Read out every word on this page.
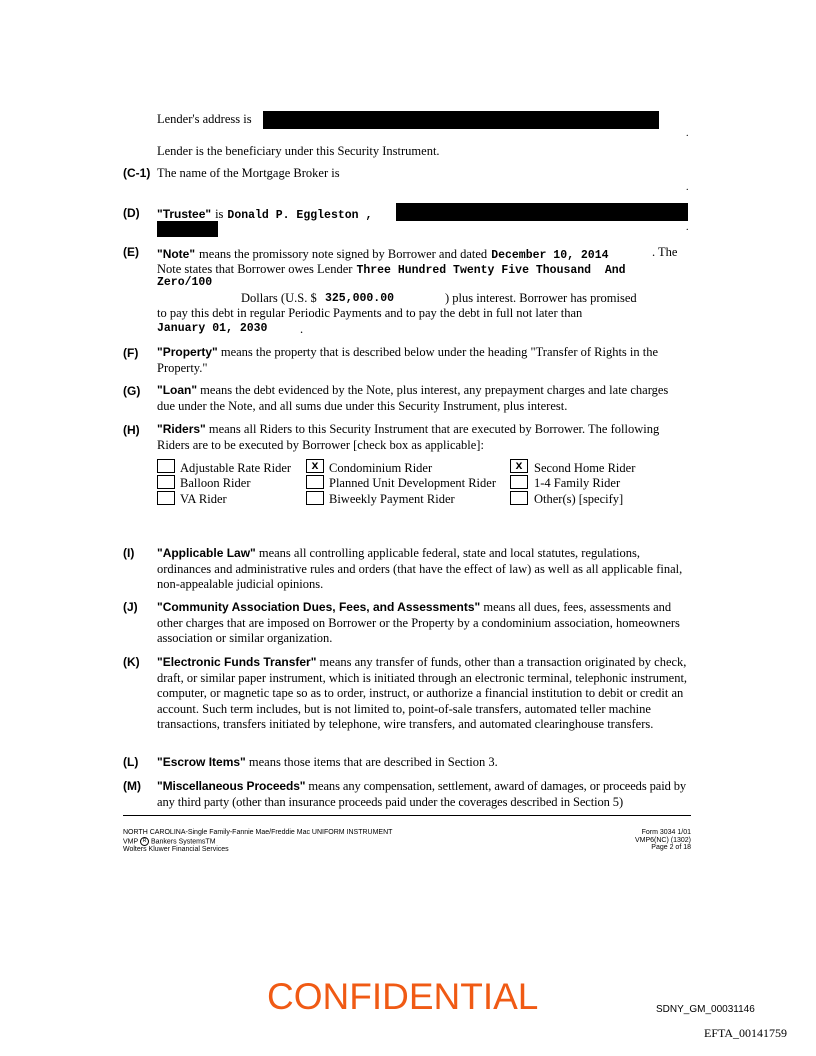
Lender's address is
.
Lender is the beneficiary under this Security Instrument.
(C-1) The name of the Mortgage Broker is
.
(D) "Trustee" is Donald P. Eggleston ,
.
(E) "Note" means the promissory note signed by Borrower and dated December 10, 2014	. The
Note states that Borrower owes Lender Three Hundred Twenty Five Thousand  And
Zero/100
Dollars (U.S. $ 325,000.00	) plus interest. Borrower has promised
to pay this debt in regular Periodic Payments and to pay the debt in full not later than
January 01, 2030	.
(F) "Property" means the property that is described below under the heading "Transfer of Rights in the Property."
(G) "Loan" means the debt evidenced by the Note, plus interest, any prepayment charges and late charges due under the Note, and all sums due under this Security Instrument, plus interest.
(H) "Riders" means all Riders to this Security Instrument that are executed by Borrower. The following Riders are to be executed by Borrower [check box as applicable]:
Adjustable Rate Rider	x Condominium Rider	x Second Home Rider
Balloon Rider	Planned Unit Development Rider	1-4 Family Rider
VA Rider	Biweekly Payment Rider	Other(s) [specify]
(I) "Applicable Law" means all controlling applicable federal, state and local statutes, regulations, ordinances and administrative rules and orders (that have the effect of law) as well as all applicable final, non-appealable judicial opinions.
(J) "Community Association Dues, Fees, and Assessments" means all dues, fees, assessments and other charges that are imposed on Borrower or the Property by a condominium association, homeowners association or similar organization.
(K) "Electronic Funds Transfer" means any transfer of funds, other than a transaction originated by check, draft, or similar paper instrument, which is initiated through an electronic terminal, telephonic instrument, computer, or magnetic tape so as to order, instruct, or authorize a financial institution to debit or credit an account. Such term includes, but is not limited to, point-of-sale transfers, automated teller machine transactions, transfers initiated by telephone, wire transfers, and automated clearinghouse transfers.
(L) "Escrow Items" means those items that are described in Section 3.
(M) "Miscellaneous Proceeds" means any compensation, settlement, award of damages, or proceeds paid by any third party (other than insurance proceeds paid under the coverages described in Section 5)
NORTH CAROLINA-Single Family-Fannie Mae/Freddie Mac UNIFORM INSTRUMENT
VMP R Bankers SystemsTM
Wolters Kluwer Financial Services
Form 3034 1/01
VMP6(NC) (1302)
Page 2 of 18
CONFIDENTIAL	SDNY_GM_00031146
EFTA_00141759
